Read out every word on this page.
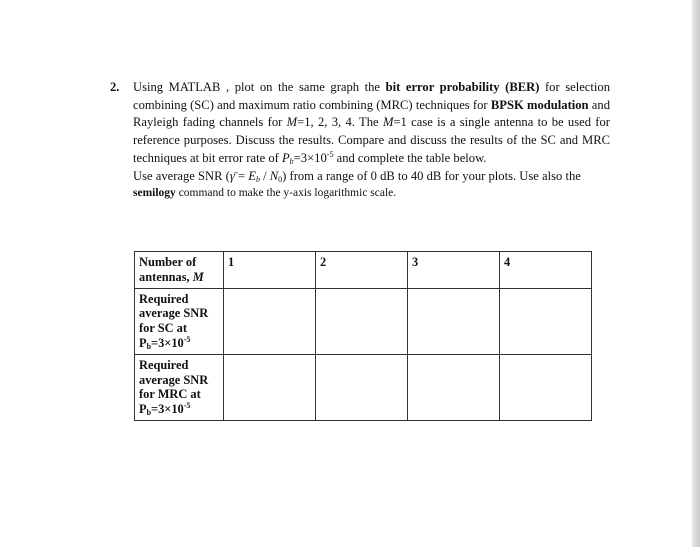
2. Using MATLAB , plot on the same graph the bit error probability (BER) for selection combining (SC) and maximum ratio combining (MRC) techniques for BPSK modulation and Rayleigh fading channels for M=1, 2, 3, 4. The M=1 case is a single antenna to be used for reference purposes. Discuss the results. Compare and discuss the results of the SC and MRC techniques at bit error rate of $P_b=3\times 10^{-5}$ and complete the table below.

Use average SNR (γ̄ = $E_b / N_0$) from a range of 0 dB to 40 dB for your plots. Use also the

semilogy command to make the y-axis logarithmic scale.

Number of antennas, M	1	2	3	4
Required average SNR for SC at
$P_b=3\times 10^{-5}$				
Required average SNR for MRC at
$P_b=3\times 10^{-5}$				
